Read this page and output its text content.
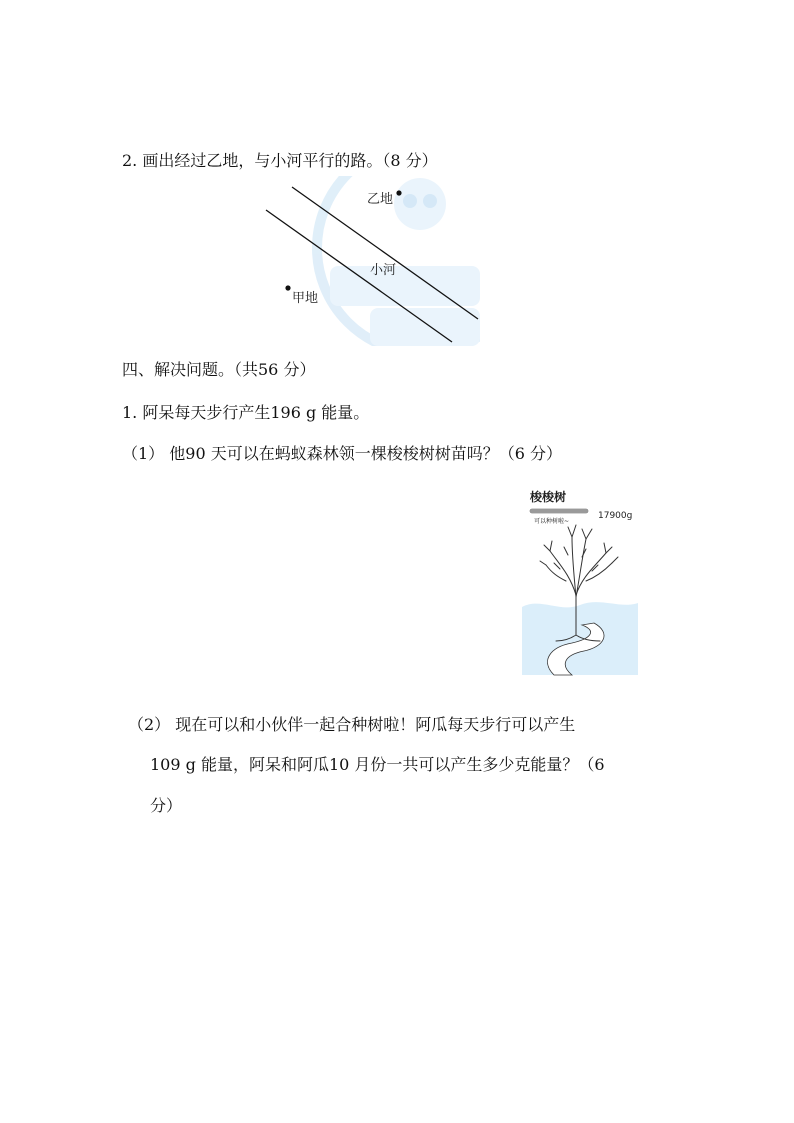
2. 画出经过乙地，与小河平行的路。（8 分）
乙地
小河
甲地
四、解决问题。（共56 分）
1. 阿呆每天步行产生196 g 能量。
（1） 他90 天可以在蚂蚁森林领一棵梭梭树树苗吗？（6 分）
梭梭树
可以种树啦~
17900g
（2） 现在可以和小伙伴一起合种树啦！阿瓜每天步行可以产生
109 g 能量，阿呆和阿瓜10 月份一共可以产生多少克能量？（6
分）
